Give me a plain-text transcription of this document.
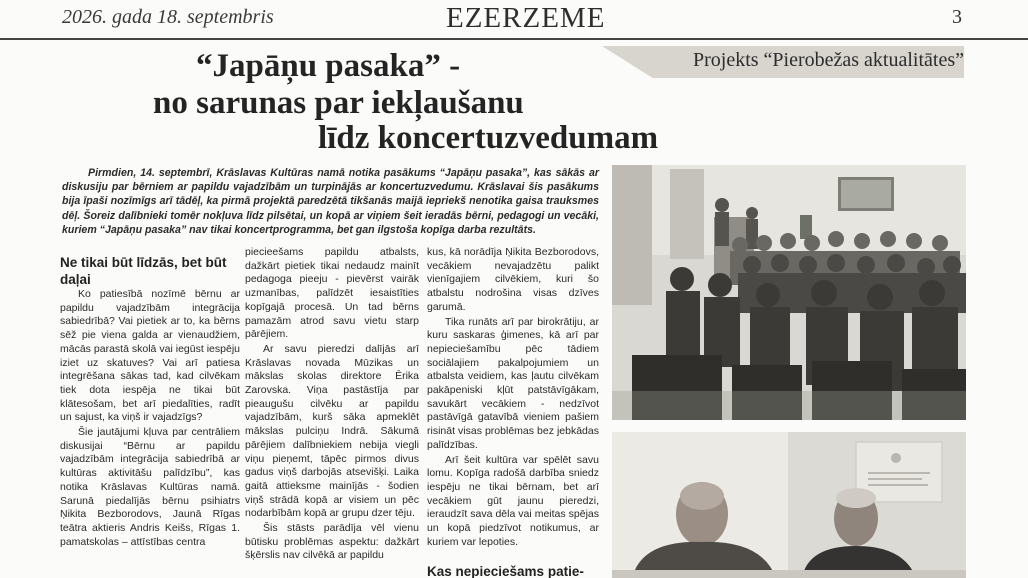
2026. gada 18. septembris	EZERZEME	3
Projekts “Pierobežas aktualitātes”
“Japāņu pasaka” -
no sarunas par iekļaušanu
līdz koncertuzvedumam
Pirmdien, 14. septembrī, Krāslavas Kultūras namā notika pasākums “Japāņu pasaka”, kas sākās ar diskusiju par bērniem ar papildu vajadzībām un turpinājās ar koncertuzvedumu. Krāslavai šis pasākums bija īpaši nozīmīgs arī tādēļ, ka pirmā projektā paredzētā tikšanās maijā iepriekš nenotika gaisa trauksmes dēļ. Šoreiz dalībnieki tomēr nokļuva līdz pilsētai, un kopā ar viņiem šeit ieradās bērni, pedagogi un vecāki, kuriem “Japāņu pasaka” nav tikai koncertprogramma, bet gan ilgstoša kopīga darba rezultāts.
Ne tikai būt līdzās, bet būt daļai

Ko patiesībā nozīmē bērnu ar papildu vajadzībām integrācija sabiedrībā? Vai pietiek ar to, ka bērns sēž pie viena galda ar vienaudžiem, mācās parastā skolā vai iegūst iespēju iziet uz skatuves? Vai arī patiesa integrēšana sākas tad, kad cilvēkam tiek dota iespēja ne tikai būt klātesošam, bet arī piedalīties, radīt un sajust, ka viņš ir vajadzīgs?

Šie jautājumi kļuva par centrāliem diskusijai “Bērnu ar papildu vajadzībām integrācija sabiedrībā ar kultūras aktivitāšu palīdzību”, kas notika Krāslavas Kultūras namā. Sarunā piedalījās bērnu psihiatrs Ņikita Bezborodovs, Jaunā Rīgas teātra aktieris Andris Keišs, Rīgas 1. pamatskolas – attīstības centra

piecieešams papildu atbalsts, dažkārt pietiek tikai nedaudz mainīt pedagoga pieeju - pievērst vairāk uzmanības, palīdzēt iesaistīties kopīgajā procesā. Un tad bērns pamazām atrod savu vietu starp pārējiem.

Ar savu pieredzi dalījās arī Krāslavas novada Mūzikas un mākslas skolas direktore Ērika Zarovska. Viņa pastāstīja par pieaugušu cilvēku ar papildu vajadzībām, kurš sāka apmeklēt mākslas pulciņu Indrā. Sākumā pārējiem dalībniekiem nebija viegli viņu pieņemt, tāpēc pirmos divus gadus viņš darbojās atsevišķi. Laika gaitā attieksme mainījās - šodien viņš strādā kopā ar visiem un pēc nodarbībām kopā ar grupu dzer tēju.

Šis stāsts parādīja vēl vienu būtisku problēmas aspektu: dažkārt šķērslis nav cilvēkā ar papildu

kus, kā norādīja Ņikita Bezborodovs, vecākiem nevajadzētu palikt vienīgajiem cilvēkiem, kuri šo atbalstu nodrošina visas dzīves garumā.

Tika runāts arī par birokrātiju, ar kuru saskaras ģimenes, kā arī par nepieciešamību pēc tādiem sociālajiem pakalpojumiem un atbalsta veidiem, kas ļautu cilvēkam pakāpeniski kļūt patstāvīgākam, savukārt vecākiem - nedzīvot pastāvīgā gatavībā vieniem pašiem risināt visas problēmas bez jebkādas palīdzības.

Arī šeit kultūra var spēlēt savu lomu. Kopīga radošā darbība sniedz iespēju ne tikai bērnam, bet arī vecākiem gūt jaunu pieredzi, ieraudzīt sava dēla vai meitas spējas un kopā piedzīvot notikumus, ar kuriem var lepoties.

Kas nepieciešams patie-
